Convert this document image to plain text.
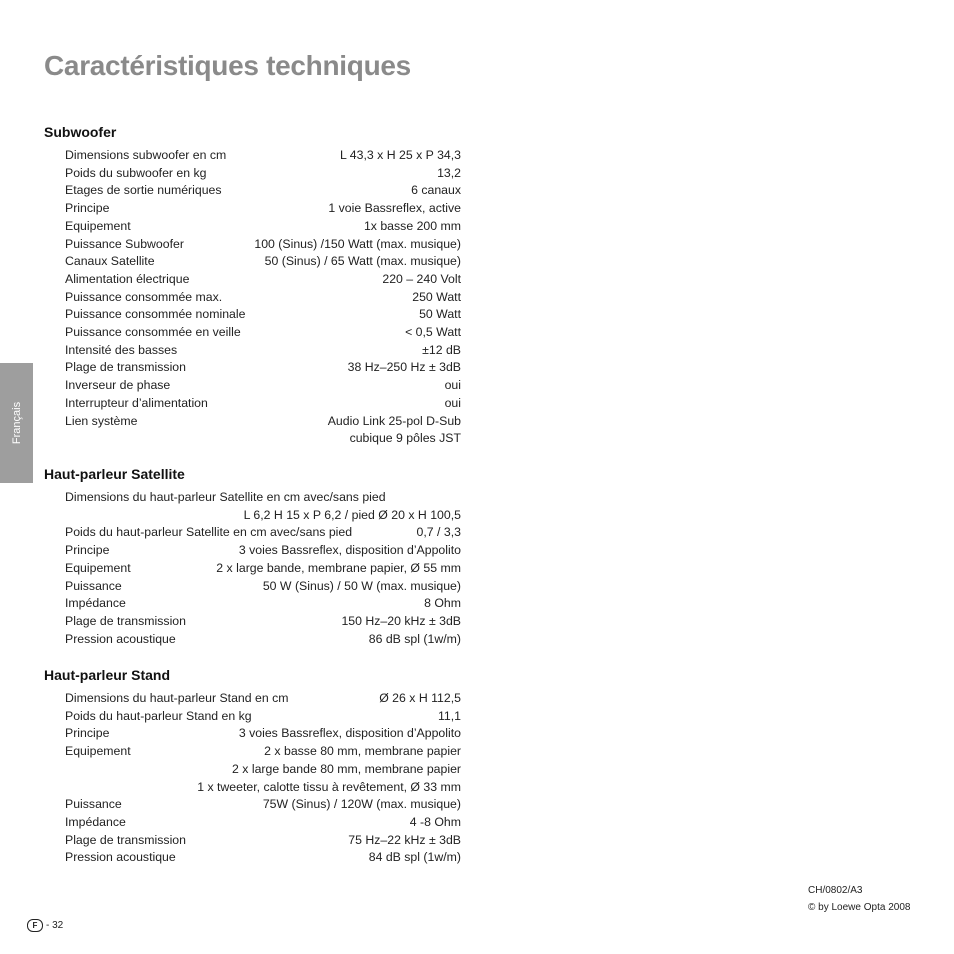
Caractéristiques techniques
Français
Subwoofer
Dimensions subwoofer en cm	L 43,3 x H 25 x P 34,3
Poids du subwoofer en kg	13,2
Etages de sortie numériques	6 canaux
Principe	1 voie Bassreflex, active
Equipement	1x basse 200 mm
Puissance Subwoofer	100 (Sinus) /150 Watt (max. musique)
Canaux Satellite	50 (Sinus) / 65 Watt (max. musique)
Alimentation électrique	220 – 240 Volt
Puissance consommée max.	250 Watt
Puissance consommée nominale	50 Watt
Puissance consommée en veille	< 0,5 Watt
Intensité des basses	±12 dB
Plage de transmission	38 Hz–250 Hz ± 3dB
Inverseur de phase	oui
Interrupteur d’alimentation	oui
Lien système	Audio Link 25-pol D-Sub
cubique 9 pôles JST
Haut-parleur Satellite
Dimensions du haut-parleur Satellite en cm avec/sans pied
L 6,2 H 15 x P 6,2 / pied Ø 20 x H 100,5
Poids du haut-parleur Satellite en cm avec/sans pied	0,7 / 3,3
Principe	3 voies Bassreflex, disposition d’Appolito
Equipement	2 x large bande, membrane papier, Ø 55 mm
Puissance	50 W (Sinus) / 50 W (max. musique)
Impédance	8 Ohm
Plage de transmission	150 Hz–20 kHz ± 3dB
Pression acoustique	86 dB spl (1w/m)
Haut-parleur Stand
Dimensions du haut-parleur Stand en cm	Ø 26 x H 112,5
Poids du haut-parleur Stand en kg	11,1
Principe	3 voies Bassreflex, disposition d’Appolito
Equipement	2 x basse 80 mm, membrane papier
2 x large bande 80 mm, membrane papier
1 x tweeter, calotte tissu à revêtement, Ø 33 mm
Puissance	75W (Sinus) / 120W (max. musique)
Impédance	4 -8 Ohm
Plage de transmission	75 Hz–22 kHz ± 3dB
Pression acoustique	84 dB spl (1w/m)
CH/0802/A3
© by Loewe Opta 2008
F - 32
